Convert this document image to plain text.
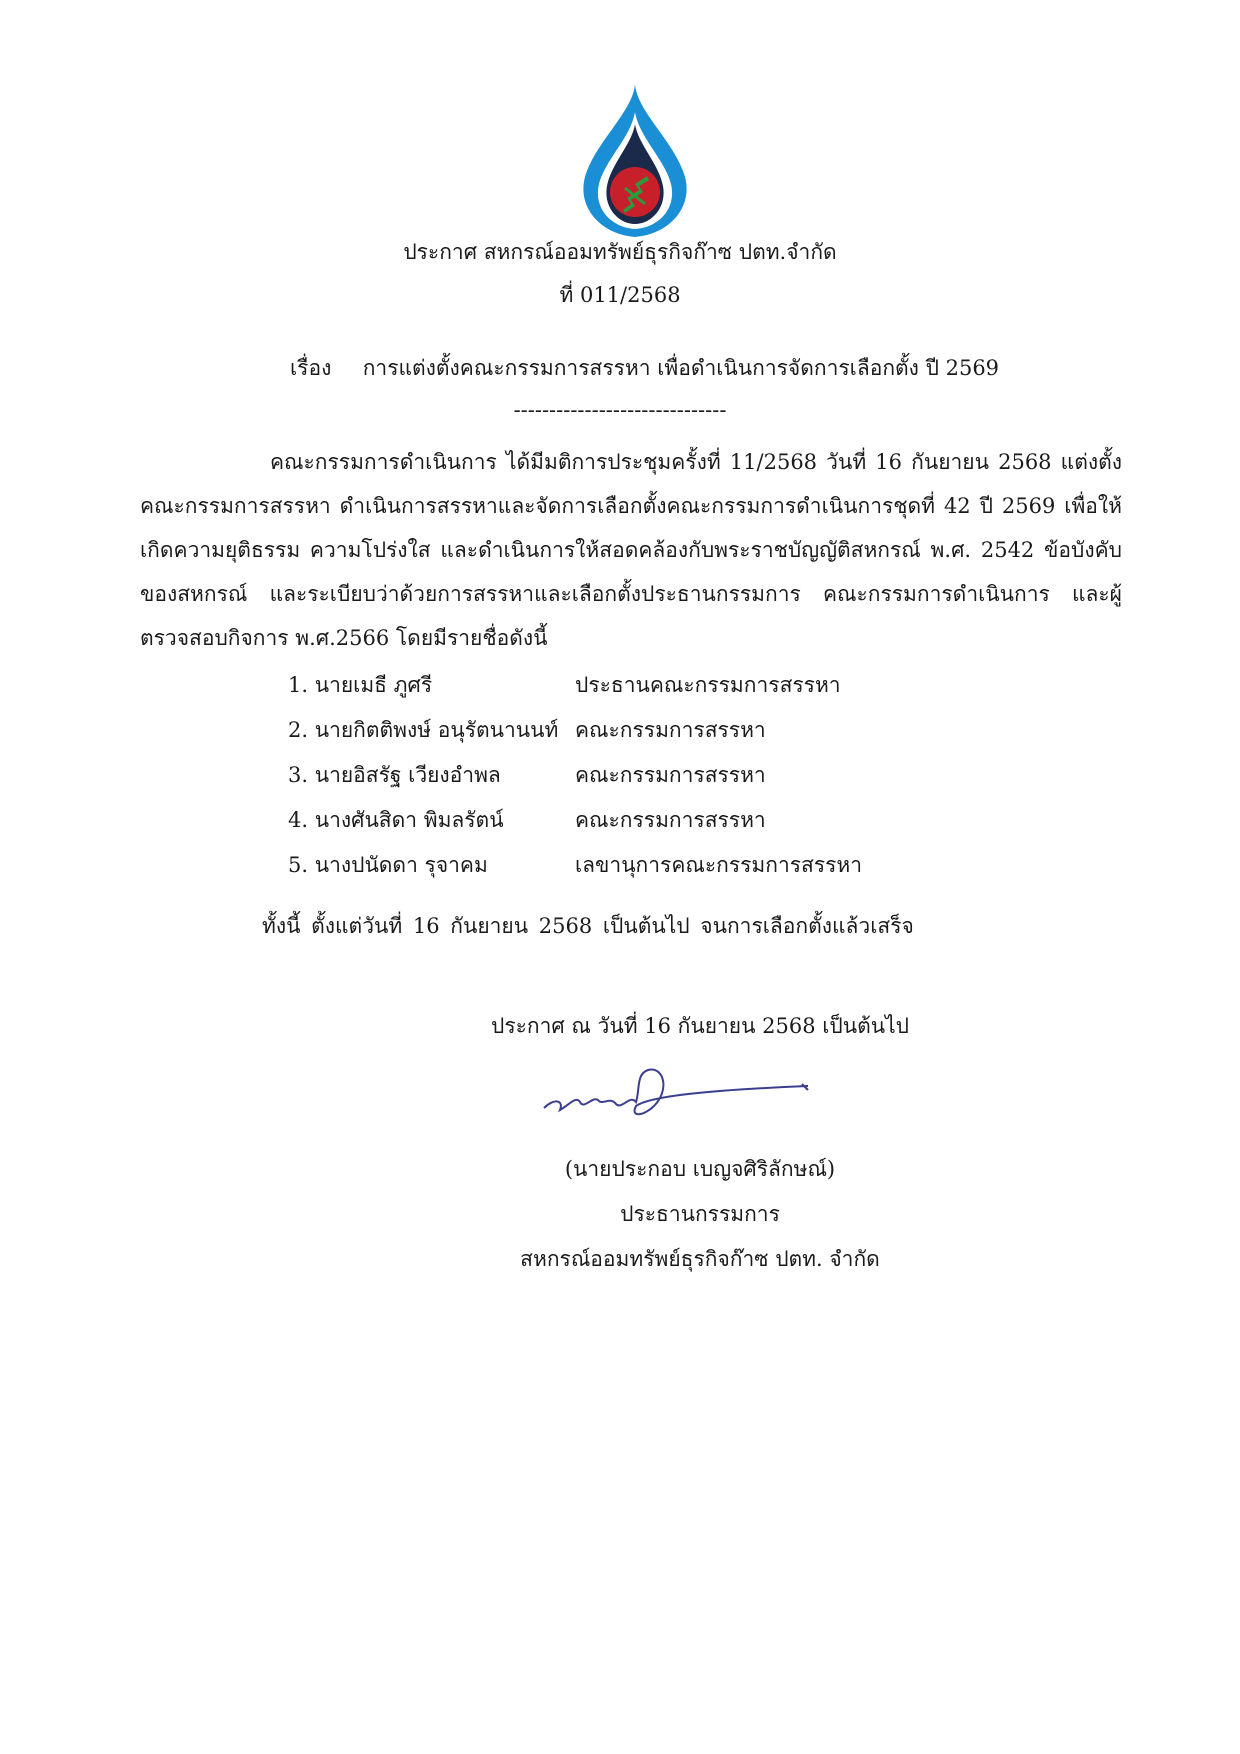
ประกาศ สหกรณ์ออมทรัพย์ธุรกิจก๊าซ ปตท.จำกัด
ที่ 011/2568
เรื่อง การแต่งตั้งคณะกรรมการสรรหา เพื่อดำเนินการจัดการเลือกตั้ง ปี 2569
------------------------------
คณะกรรมการดำเนินการ ได้มีมติการประชุมครั้งที่ 11/2568 วันที่ 16 กันยายน 2568 แต่งตั้งคณะกรรมการสรรหา ดำเนินการสรรหาและจัดการเลือกตั้งคณะกรรมการดำเนินการชุดที่ 42 ปี 2569 เพื่อให้เกิดความยุติธรรม ความโปร่งใส และดำเนินการให้สอดคล้องกับพระราชบัญญัติสหกรณ์ พ.ศ. 2542 ข้อบังคับของสหกรณ์ และระเบียบว่าด้วยการสรรหาและเลือกตั้งประธานกรรมการ คณะกรรมการดำเนินการ และผู้ตรวจสอบกิจการ พ.ศ.2566 โดยมีรายชื่อดังนี้
1. นายเมธี ภูศรี	ประธานคณะกรรมการสรรหา
2. นายกิตติพงษ์ อนุรัตนานนท์ คณะกรรมการสรรหา
3. นายอิสรัฐ เวียงอำพล	คณะกรรมการสรรหา
4. นางศันสิดา พิมลรัตน์	คณะกรรมการสรรหา
5. นางปนัดดา รุจาคม	เลขานุการคณะกรรมการสรรหา
ทั้งนี้ ตั้งแต่วันที่ 16 กันยายน 2568 เป็นต้นไป จนการเลือกตั้งแล้วเสร็จ
ประกาศ ณ วันที่ 16 กันยายน 2568 เป็นต้นไป
(นายประกอบ เบญจศิริลักษณ์)
ประธานกรรมการ
สหกรณ์ออมทรัพย์ธุรกิจก๊าซ ปตท. จำกัด
